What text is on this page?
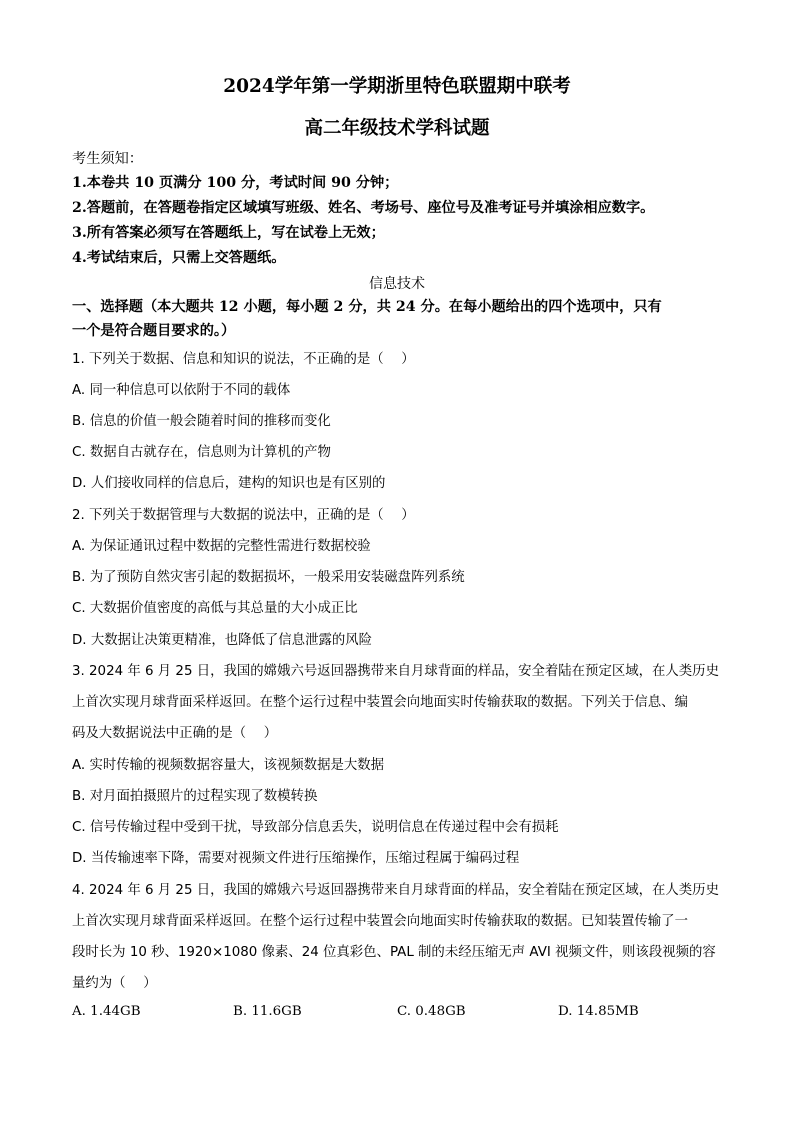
2024学年第一学期浙里特色联盟期中联考
高二年级技术学科试题
考生须知：
1.本卷共 10 页满分 100 分，考试时间 90 分钟；
2.答题前，在答题卷指定区域填写班级、姓名、考场号、座位号及准考证号并填涂相应数字。
3.所有答案必须写在答题纸上，写在试卷上无效；
4.考试结束后，只需上交答题纸。
信息技术
一、选择题（本大题共 12 小题，每小题 2 分，共 24 分。在每小题给出的四个选项中，只有
一个是符合题目要求的。）
1. 下列关于数据、信息和知识的说法，不正确的是（　 ）
A. 同一种信息可以依附于不同的载体
B. 信息的价值一般会随着时间的推移而变化
C. 数据自古就存在，信息则为计算机的产物
D. 人们接收同样的信息后，建构的知识也是有区别的
2. 下列关于数据管理与大数据的说法中，正确的是（　 ）
A. 为保证通讯过程中数据的完整性需进行数据校验
B. 为了预防自然灾害引起的数据损坏，一般采用安装磁盘阵列系统
C. 大数据价值密度的高低与其总量的大小成正比
D. 大数据让决策更精准，也降低了信息泄露的风险
3. 2024 年 6 月 25 日，我国的嫦娥六号返回器携带来自月球背面的样品，安全着陆在预定区域，在人类历史
上首次实现月球背面采样返回。在整个运行过程中装置会向地面实时传输获取的数据。下列关于信息、编
码及大数据说法中正确的是（　 ）
A. 实时传输的视频数据容量大，该视频数据是大数据
B. 对月面拍摄照片的过程实现了数模转换
C. 信号传输过程中受到干扰，导致部分信息丢失，说明信息在传递过程中会有损耗
D. 当传输速率下降，需要对视频文件进行压缩操作，压缩过程属于编码过程
4. 2024 年 6 月 25 日，我国的嫦娥六号返回器携带来自月球背面的样品，安全着陆在预定区域，在人类历史
上首次实现月球背面采样返回。在整个运行过程中装置会向地面实时传输获取的数据。已知装置传输了一
段时长为 10 秒、1920×1080 像素、24 位真彩色、PAL 制的未经压缩无声 AVI 视频文件，则该段视频的容
量约为（　 ）
A. 1.44GB	B. 11.6GB	C. 0.48GB	D. 14.85MB
